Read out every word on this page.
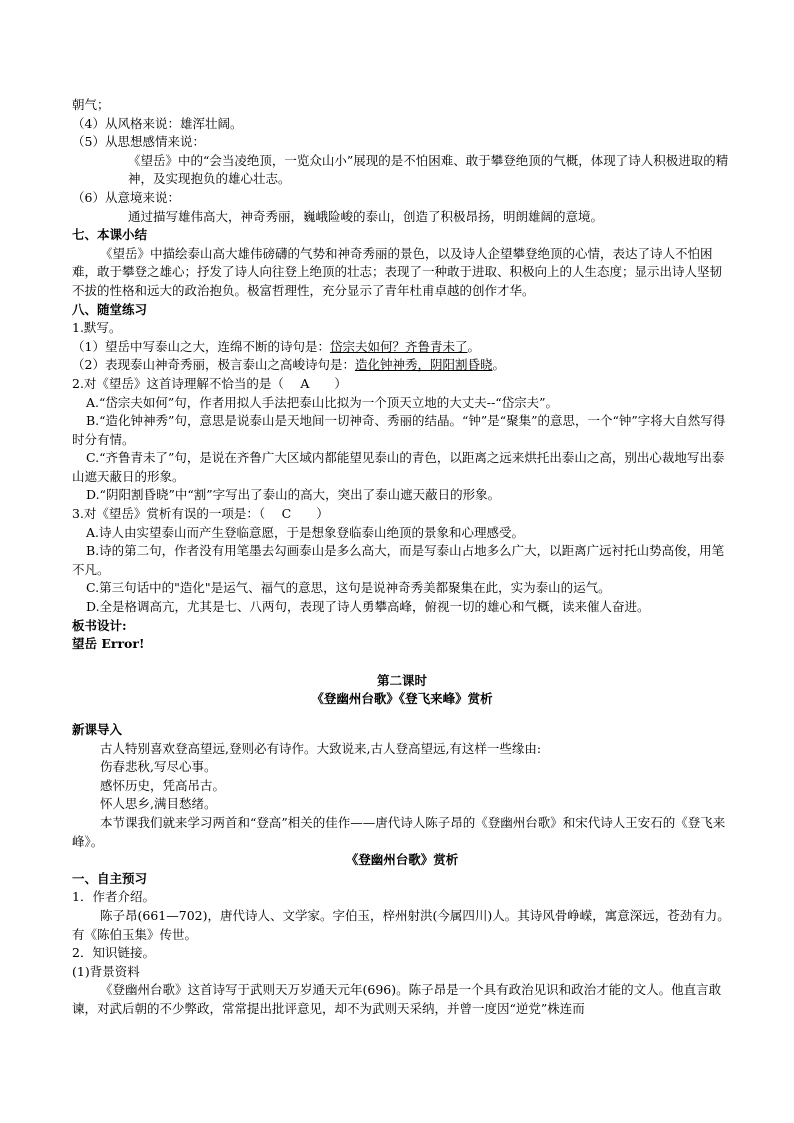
朝气；
（4）从风格来说：雄浑壮阔。
（5）从思想感情来说：
《望岳》中的“会当凌绝顶，一览众山小”展现的是不怕困难、敢于攀登绝顶的气概，体现了诗人积极进取的精神，及实现抱负的雄心壮志。
（6）从意境来说：
通过描写雄伟高大，神奇秀丽，巍峨险峻的泰山，创造了积极昂扬，明朗雄阔的意境。
七、本课小结
《望岳》中描绘泰山高大雄伟磅礴的气势和神奇秀丽的景色，以及诗人企望攀登绝顶的心情，表达了诗人不怕困难，敢于攀登之雄心；抒发了诗人向往登上绝顶的壮志；表现了一种敢于进取、积极向上的人生态度；显示出诗人坚韧不拔的性格和远大的政治抱负。极富哲理性，充分显示了青年杜甫卓越的创作才华。
八、随堂练习
1.默写。
（1）望岳中写泰山之大，连绵不断的诗句是：岱宗夫如何？齐鲁青未了。
（2）表现泰山神奇秀丽，极言泰山之高峻诗句是：造化钟神秀，阴阳割昏晓。
2.对《望岳》这首诗理解不恰当的是（　 A　　）
A.“岱宗夫如何”句，作者用拟人手法把泰山比拟为一个顶天立地的大丈夫--“岱宗夫”。
B.“造化钟神秀”句，意思是说泰山是天地间一切神奇、秀丽的结晶。“钟”是“聚集”的意思，一个“钟”字将大自然写得时分有情。
C.“齐鲁青未了”句，是说在齐鲁广大区域内都能望见泰山的青色，以距离之远来烘托出泰山之高，别出心裁地写出泰山遮天蔽日的形象。
D.“阴阳割昏晓”中“割”字写出了泰山的高大，突出了泰山遮天蔽日的形象。
3.对《望岳》赏析有误的一项是：（　 C　　）
A.诗人由实望泰山而产生登临意愿，于是想象登临泰山绝顶的景象和心理感受。
B.诗的第二句，作者没有用笔墨去勾画泰山是多么高大，而是写泰山占地多么广大，以距离广远衬托山势高俊，用笔不凡。
C.第三句话中的"造化"是运气、福气的意思，这句是说神奇秀美都聚集在此，实为泰山的运气。
D.全是格调高亢，尤其是七、八两句，表现了诗人勇攀高峰，俯视一切的雄心和气概，读来催人奋进。
板书设计:
望岳 Error!
第二课时
《登幽州台歌》《登飞来峰》赏析
新课导入
古人特别喜欢登高望远,登则必有诗作。大致说来,古人登高望远,有这样一些缘由:
伤春悲秋,写尽心事。
感怀历史，凭高吊古。
怀人思乡,满目愁绪。
本节课我们就来学习两首和“登高”相关的佳作——唐代诗人陈子昂的《登幽州台歌》和宋代诗人王安石的《登飞来峰》。
《登幽州台歌》赏析
一、自主预习
1．作者介绍。
陈子昂(661—702)，唐代诗人、文学家。字伯玉，梓州射洪(今属四川)人。其诗风骨峥嵘，寓意深远，苍劲有力。有《陈伯玉集》传世。
2．知识链接。
(1)背景资料
《登幽州台歌》这首诗写于武则天万岁通天元年(696)。陈子昂是一个具有政治见识和政治才能的文人。他直言敢谏，对武后朝的不少弊政，常常提出批评意见，却不为武则天采纳，并曾一度因“逆党”株连而
